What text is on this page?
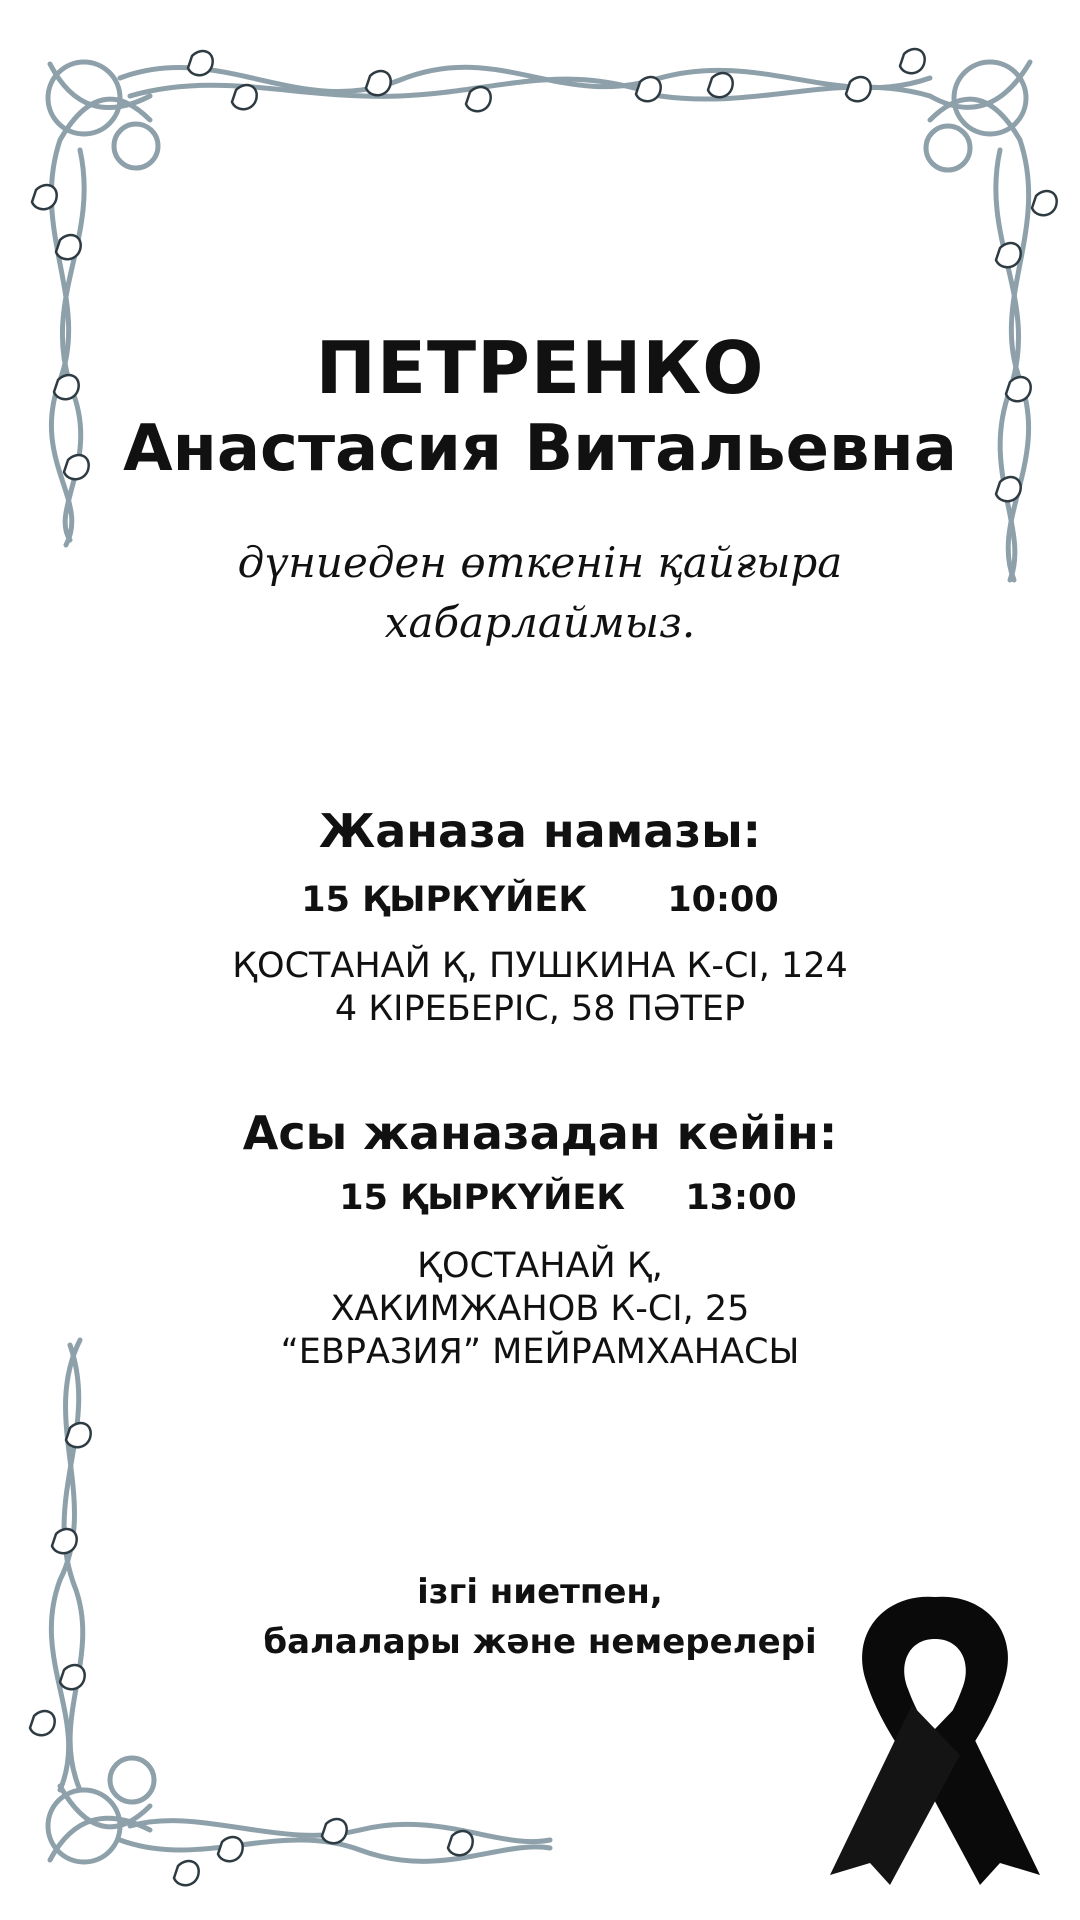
ПЕТРЕНКО
Анастасия Витальевна
дүниеден өткенін қайғыра
хабарлаймыз.
Жаназа намазы:
15 ҚЫРКҮЙЕК 10:00
ҚОСТАНАЙ Қ, ПУШКИНА К-СІ, 124
4 КІРЕБЕРІС, 58 ПӘТЕР
Асы жаназадан кейін:
15 ҚЫРКҮЙЕК 13:00
ҚОСТАНАЙ Қ,
ХАКИМЖАНОВ К-СІ, 25
“ЕВРАЗИЯ” МЕЙРАМХАНАСЫ
ізгі ниетпен,
балалары және немерелері
